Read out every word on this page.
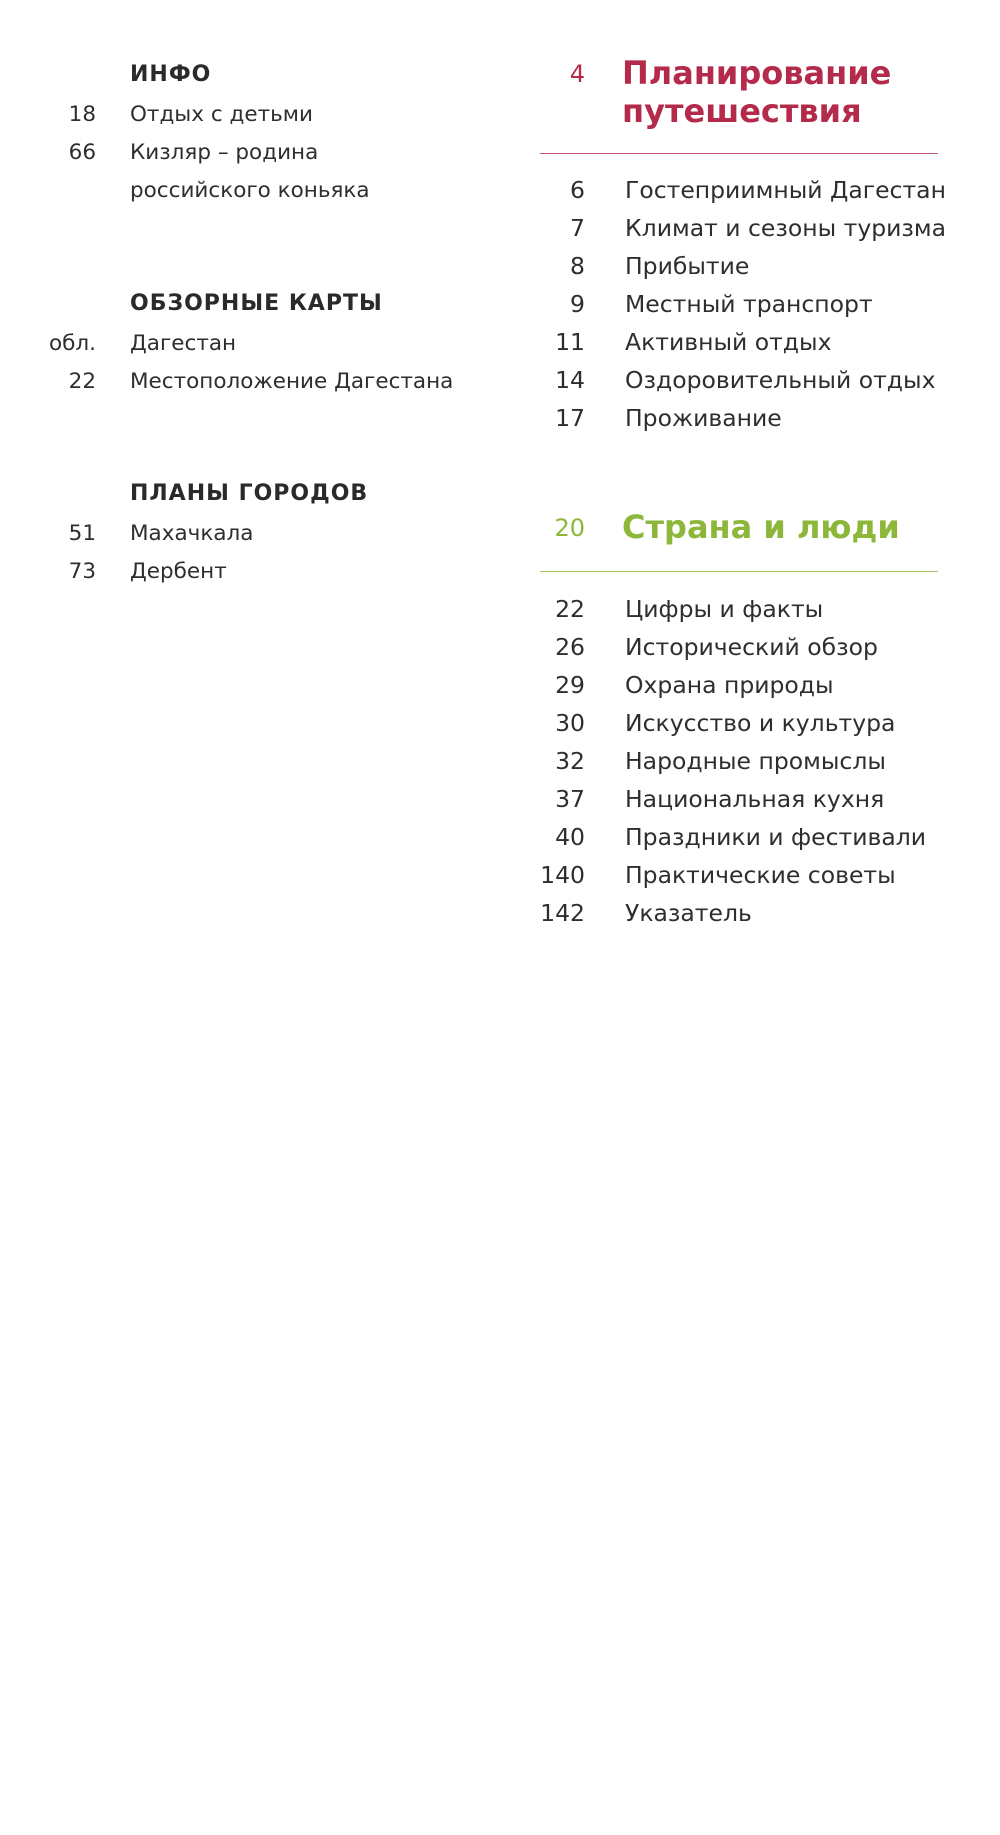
ИНФО
18 Отдых с детьми
66 Кизляр – родина российского коньяка
ОБЗОРНЫЕ КАРТЫ
обл. Дагестан
22 Местоположение Дагестана
ПЛАНЫ ГОРОДОВ
51 Махачкала
73 Дербент
4 Планирование
путешествия
6 Гостеприимный Дагестан
7 Климат и сезоны туризма
8 Прибытие
9 Местный транспорт
11 Активный отдых
14 Оздоровительный отдых
17 Проживание
20 Страна и люди
22 Цифры и факты
26 Исторический обзор
29 Охрана природы
30 Искусство и культура
32 Народные промыслы
37 Национальная кухня
40 Праздники и фестивали
140 Практические советы
142 Указатель
